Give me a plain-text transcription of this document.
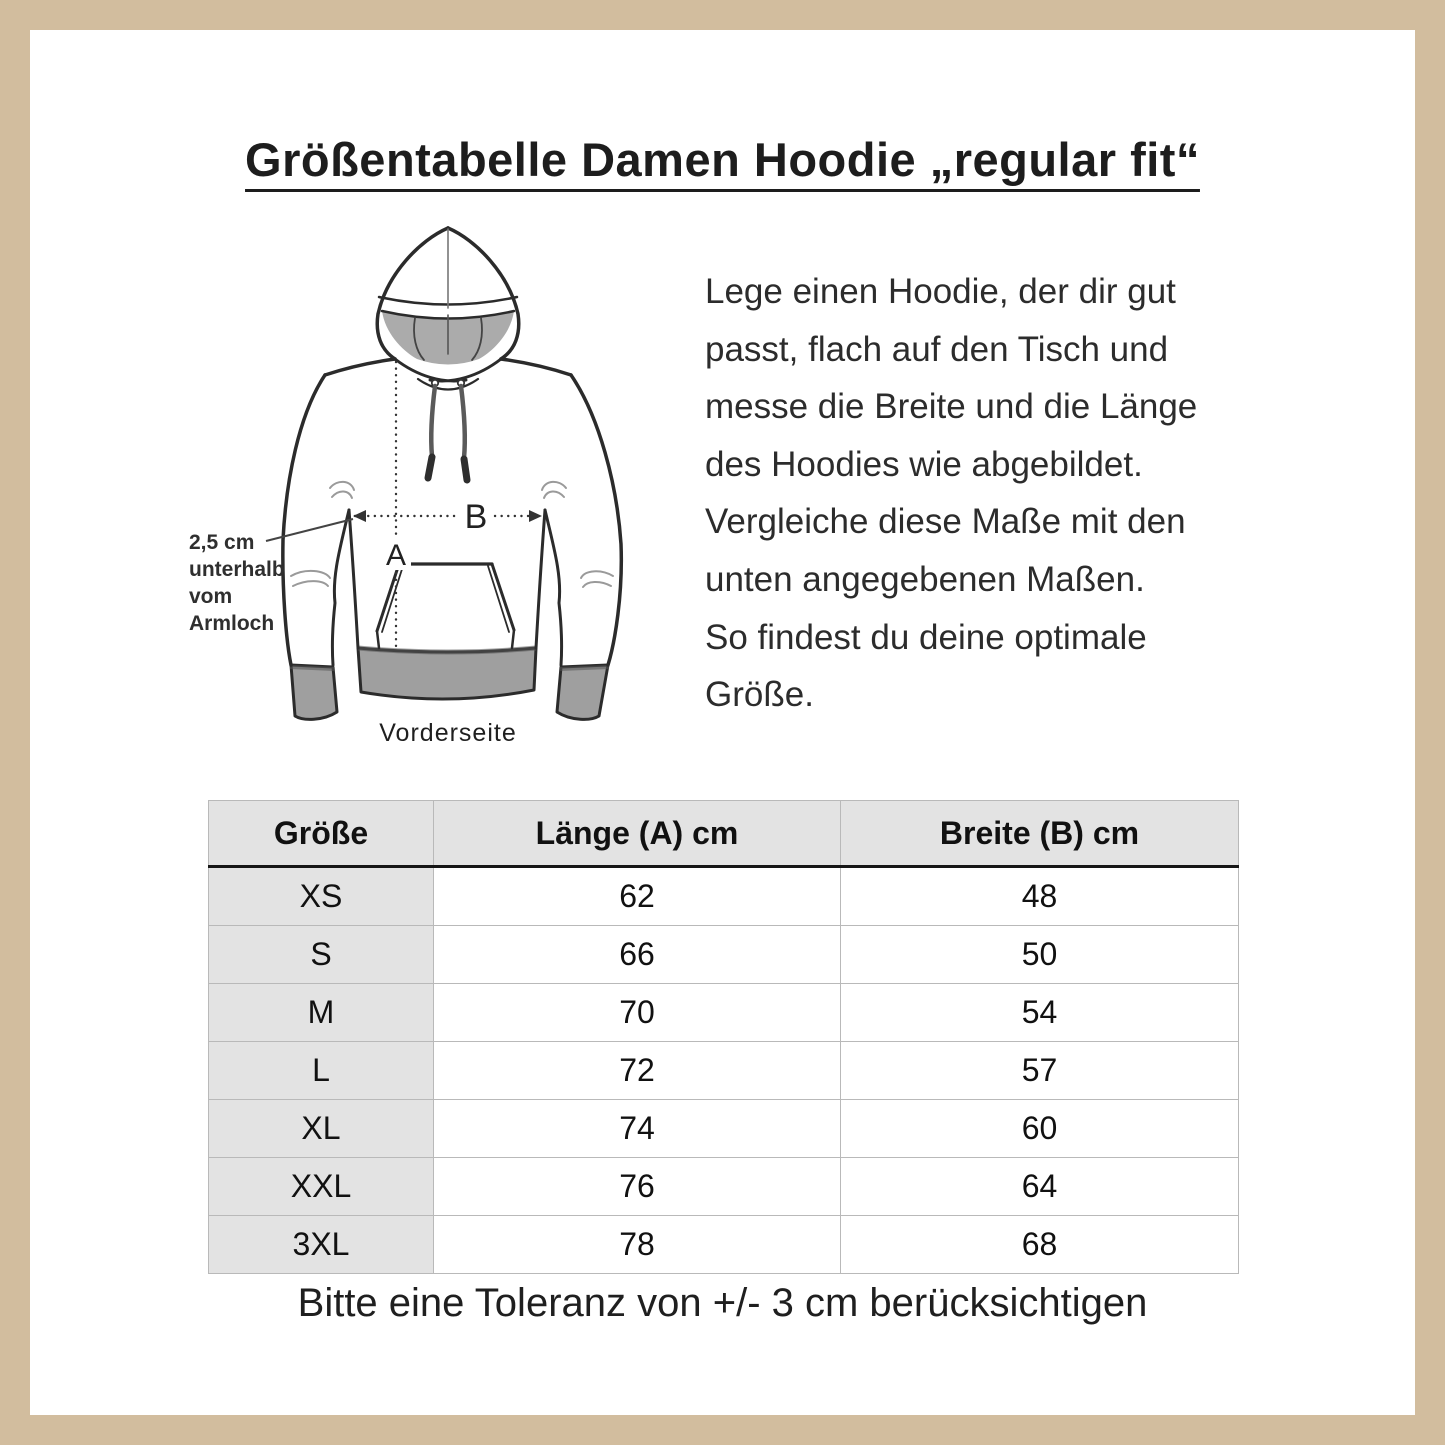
Größentabelle Damen Hoodie „regular fit“
A
B
2,5 cm unterhalb vom Armloch
Vorderseite
Lege einen Hoodie, der dir gut
passt, flach auf den Tisch und
messe die Breite und die Länge
des Hoodies wie abgebildet.
Vergleiche diese Maße mit den
unten angegebenen Maßen.
So findest du deine optimale
Größe.
Größe	Länge (A) cm	Breite (B) cm
XS	62	48
S	66	50
M	70	54
L	72	57
XL	74	60
XXL	76	64
3XL	78	68
Bitte eine Toleranz von +/- 3 cm berücksichtigen
